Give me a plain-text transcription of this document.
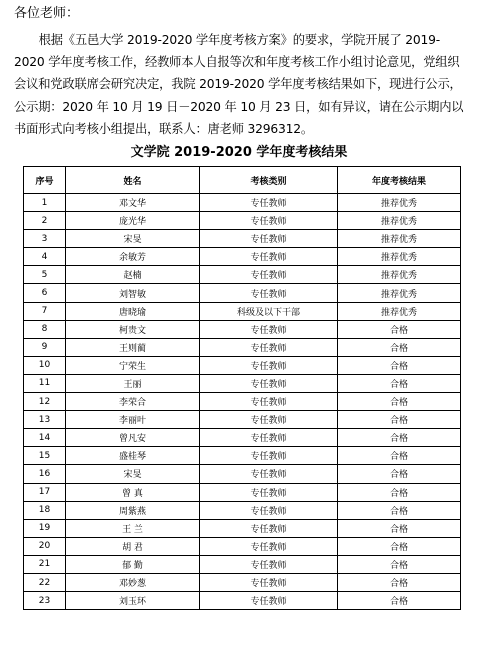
各位老师：

根据《五邑大学 2019-2020 学年度考核方案》的要求，学院开展了 2019-2020 学年度考核工作，经教师本人自报等次和年度考核工作小组讨论意见，党组织会议和党政联席会研究决定，我院 2019-2020 学年度考核结果如下，现进行公示，公示期：2020 年 10 月 19 日－2020 年 10 月 23 日，如有异议，请在公示期内以书面形式向考核小组提出，联系人：唐老师 3296312。

文学院 2019-2020 学年度考核结果
序号	姓名	考核类别	年度考核结果
1	邓文华	专任教师	推荐优秀
2	庞光华	专任教师	推荐优秀
3	宋旻	专任教师	推荐优秀
4	余敏芳	专任教师	推荐优秀
5	赵楠	专任教师	推荐优秀
6	刘智敏	专任教师	推荐优秀
7	唐晓瑜	科级及以下干部	推荐优秀
8	柯贵文	专任教师	合格
9	王则蔺	专任教师	合格
10	宁荣生	专任教师	合格
11	王丽	专任教师	合格
12	李荣合	专任教师	合格
13	李丽叶	专任教师	合格
14	曾凡安	专任教师	合格
15	盛桂琴	专任教师	合格
16	宋旻	专任教师	合格
17	曾 真	专任教师	合格
18	周紫燕	专任教师	合格
19	王 兰	专任教师	合格
20	胡 君	专任教师	合格
21	郁 勤	专任教师	合格
22	邓妙葱	专任教师	合格
23	刘玉环	专任教师	合格
